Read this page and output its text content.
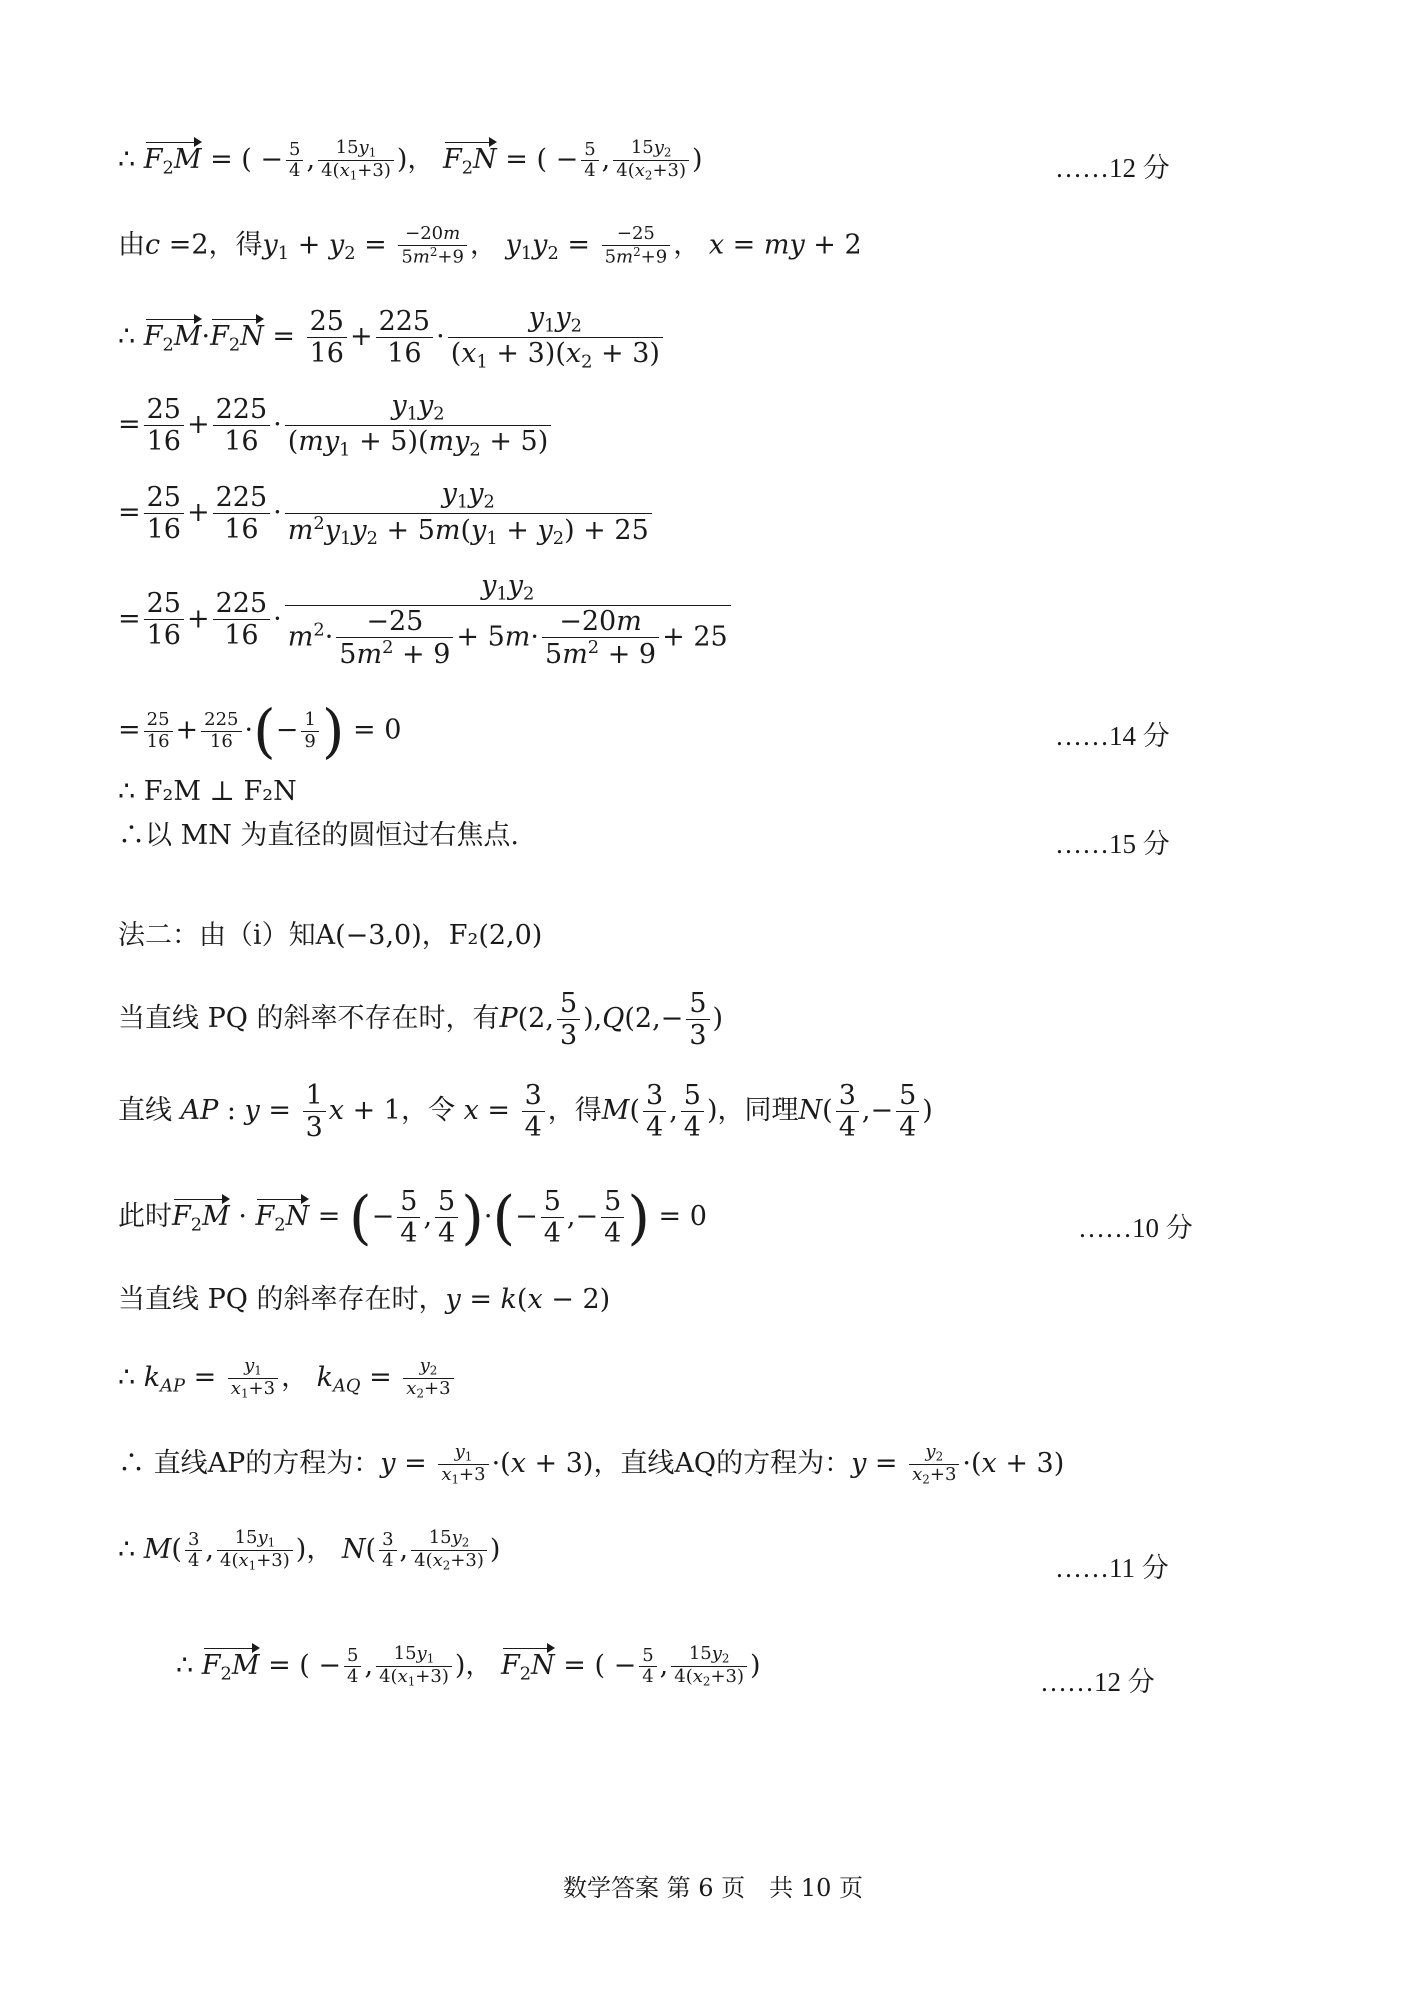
∴ $F_2M$ = ( − $\frac{5}{4}$ , $\frac{15y_1}{4(x_1+3)}$ )， $F_2N$ = ( − $\frac{5}{4}$ , $\frac{15y_2}{4(x_2+3)}$ )	……12 分
由c =2，得$y_1 + y_2 = \frac{-20m}{5m^2+9}$ ， $y_1y_2 = \frac{-25}{5m^2+9}$ ， x = my + 2
∴ $F_2M\cdot F_2N = \frac{25}{16} + \frac{225}{16} \cdot \frac{y_1y_2}{(x_1 + 3)(x_2 + 3)}$
= $\frac{25}{16} + \frac{225}{16} \cdot \frac{y_1y_2}{(my_1 + 5)(my_2 + 5)}$
= $\frac{25}{16} + \frac{225}{16} \cdot \frac{y_1y_2}{m^2y_1y_2 + 5m(y_1 + y_2) + 25}$
= $\frac{25}{16} + \frac{225}{16} \cdot \frac{y_1y_2}{m^2\cdot \frac{-25}{5m^2 + 9} + 5m\cdot \frac{-20m}{5m^2 + 9} + 25}$
= $\frac{25}{16} + \frac{225}{16}$ ·(− $\frac{1}{9}$ ) = 0	……14 分
∴ F₂M ⊥ F₂N
∴以 MN 为直径的圆恒过右焦点.	……15 分
法二：由（i）知A(−3,0)，F₂(2,0)
当直线 PQ 的斜率不存在时，有P(2, $\frac{5}{3} ),Q(2,- \frac{5}{3}$ )
直线 AP : $y = \frac{1}{3}$ x + 1，令 $x = \frac{3}{4}$ ，得$M( \frac{3}{4}$ , $\frac{5}{4}$ )，同理$N( \frac{3}{4}$ ,− $\frac{5}{4}$ )
此时$F_2M \cdot F_2N$ = (− $\frac{5}{4}$ , $\frac{5}{4}$ )·(− $\frac{5}{4}$ ,− $\frac{5}{4}$ ) = 0	……10 分
当直线 PQ 的斜率存在时，y = k(x − 2)
∴ $k_{AP} = \frac{y_1}{x_1+3}$ ， $k_{AQ} = \frac{y_2}{x_2+3}$
∴ 直线AP的方程为：$y = \frac{y_1}{x_1+3} \cdot(x + 3)$，直线AQ的方程为：$y = \frac{y_2}{x_2+3} \cdot(x + 3)$
∴ $M( \frac{3}{4}$ , $\frac{15y_1}{4(x_1+3)}$ )， $N( \frac{3}{4}$ , $\frac{15y_2}{4(x_2+3)}$ )
……11 分
∴ $F_2M$ = ( − $\frac{5}{4}$ , $\frac{15y_1}{4(x_1+3)}$ )， $F_2N$ = ( − $\frac{5}{4}$ , $\frac{15y_2}{4(x_2+3)}$ )
……12 分
数学答案 第 6 页　共 10 页
